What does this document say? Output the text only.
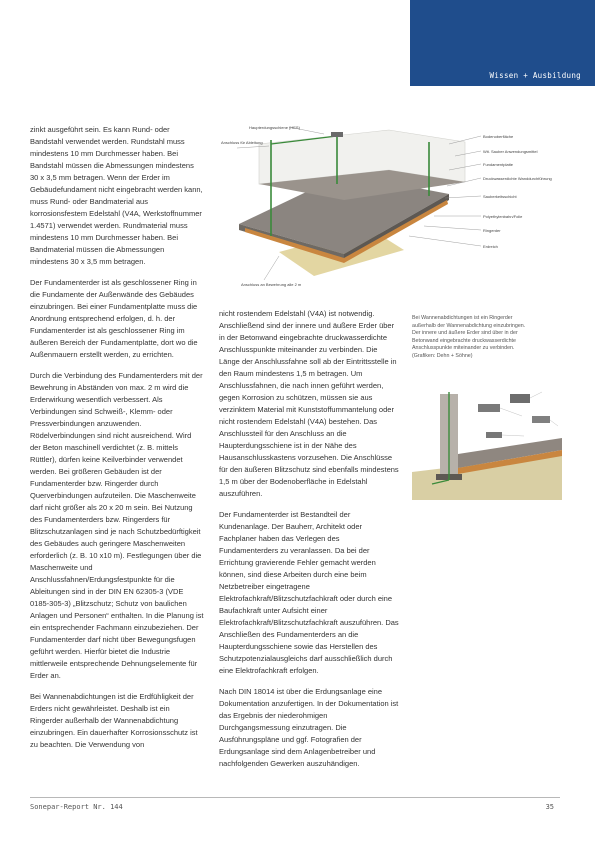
Wissen + Ausbildung

zinkt ausgeführt sein. Es kann Rund- oder Bandstahl verwendet werden. Rundstahl muss mindestens 10 mm Durchmesser haben. Bei Bandstahl müssen die Abmessungen mindestens 30 x 3,5 mm betragen. Wenn der Erder im Gebäudefundament nicht eingebracht werden kann, muss Rund- oder Bandmaterial aus korrosionsfestem Edelstahl (V4A, Werkstoffnummer 1.4571) verwendet werden. Rundmaterial muss mindestens 10 mm Durchmesser haben. Bei Bandmaterial müssen die Abmessungen mindestens 30 x 3,5 mm betragen.

Der Fundamenterder ist als geschlossener Ring in die Fundamente der Außenwände des Gebäudes einzubringen. Bei einer Fundamentplatte muss die Anordnung entsprechend erfolgen, d. h. der Fundamenterder ist als geschlossener Ring im äußeren Bereich der Fundamentplatte, dort wo die Außenmauern erstellt werden, zu errichten.

Durch die Verbindung des Fundamenterders mit der Bewehrung in Abständen von max. 2 m wird die Erderwirkung wesentlich verbessert. Als Verbindungen sind Schweiß-, Klemm- oder Pressverbindungen anzuwenden. Rödelverbindungen sind nicht ausreichend. Wird der Beton maschinell verdichtet (z. B. mittels Rüttler), dürfen keine Keilverbinder verwendet werden. Bei größeren Gebäuden ist der Fundamenterder bzw. Ringerder durch Querverbindungen aufzuteilen. Die Maschenweite darf nicht größer als 20 x 20 m sein. Bei Nutzung des Fundamenterders bzw. Ringerders für Blitzschutzanlagen sind je nach Schutzbedürftigkeit des Gebäudes auch geringere Maschenweiten erforderlich (z. B. 10 x10 m). Festlegungen über die Maschenweite und Anschlussfahnen/Erdungsfestpunkte für die Ableitungen sind in der DIN EN 62305-3 (VDE 0185-305-3) „Blitzschutz; Schutz von baulichen Anlagen und Personen“ enthalten. In die Planung ist ein entsprechender Fachmann einzubeziehen. Der Fundamenterder darf nicht über Bewegungsfugen geführt werden. Hierfür bietet die Industrie mittlerweile entsprechende Dehnungselemente für Erder an.

Bei Wannenabdichtungen ist die Erdfühligkeit der Erders nicht gewährleistet. Deshalb ist ein Ringerder außerhalb der Wannenabdichtung einzubringen. Ein dauerhafter Korrosionsschutz ist zu beachten. Die Verwendung von

Haupterdungsschiene (HES)
Anschluss für Ableitung
Bodenoberfläche
Wit. Sauber Anwendungsmittel
Fundamentplatte
Druckwasserdichte Wanddurchführung
Sauberkeitsschicht
Polyethylenbahn/Folie
Ringerder
Erdreich
Anschluss an Bewehrung alle 2 m
Bei Wannenabdichtungen ist ein Ringerder außerhalb der Wannenabdichtung einzubringen. Der innere und äußere Erder sind über in der Betonwand eingebrachte druckwasserdichte Anschlusspunkte miteinander zu verbinden. (Grafiken: Dehn + Söhne)

nicht rostendem Edelstahl (V4A) ist notwendig. Anschließend sind der innere und äußere Erder über in der Betonwand eingebrachte druckwasserdichte Anschlusspunkte miteinander zu verbinden. Die Länge der Anschlussfahne soll ab der Eintrittsstelle in den Raum mindestens 1,5 m betragen. Um Anschlussfahnen, die nach innen geführt werden, gegen Korrosion zu schützen, müssen sie aus verzinktem Material mit Kunststoffummantelung oder nicht rostendem Edelstahl (V4A) bestehen. Das Anschlussteil für den Anschluss an die Haupterdungsschiene ist in der Nähe des Hausanschlusskastens vorzusehen. Die Anschlüsse für den äußeren Blitzschutz sind ebenfalls mindestens 1,5 m über der Bodenoberfläche in Edelstahl auszuführen.

Der Fundamenterder ist Bestandteil der Kundenanlage. Der Bauherr, Architekt oder Fachplaner haben das Verlegen des Fundamenterders zu veranlassen. Da bei der Errichtung gravierende Fehler gemacht werden können, sind diese Arbeiten durch eine beim Netzbetreiber eingetragene Elektrofachkraft/Blitzschutzfachkraft oder durch eine Baufachkraft unter Aufsicht einer Elektrofachkraft/Blitzschutzfachkraft auszuführen. Das Anschließen des Fundamenterders an die Haupterdungsschiene sowie das Herstellen des Schutzpotenzialausgleichs darf ausschließlich durch eine Elektrofachkraft erfolgen.

Nach DIN 18014 ist über die Erdungsanlage eine Dokumentation anzufertigen. In der Dokumentation ist das Ergebnis der niederohmigen Durchgangsmessung einzutragen. Die Ausführungspläne und ggf. Fotografien der Erdungsanlage sind dem Anlagenbetreiber und nachfolgenden Gewerken auszuhändigen.

Sonepar-Report Nr. 144	35
